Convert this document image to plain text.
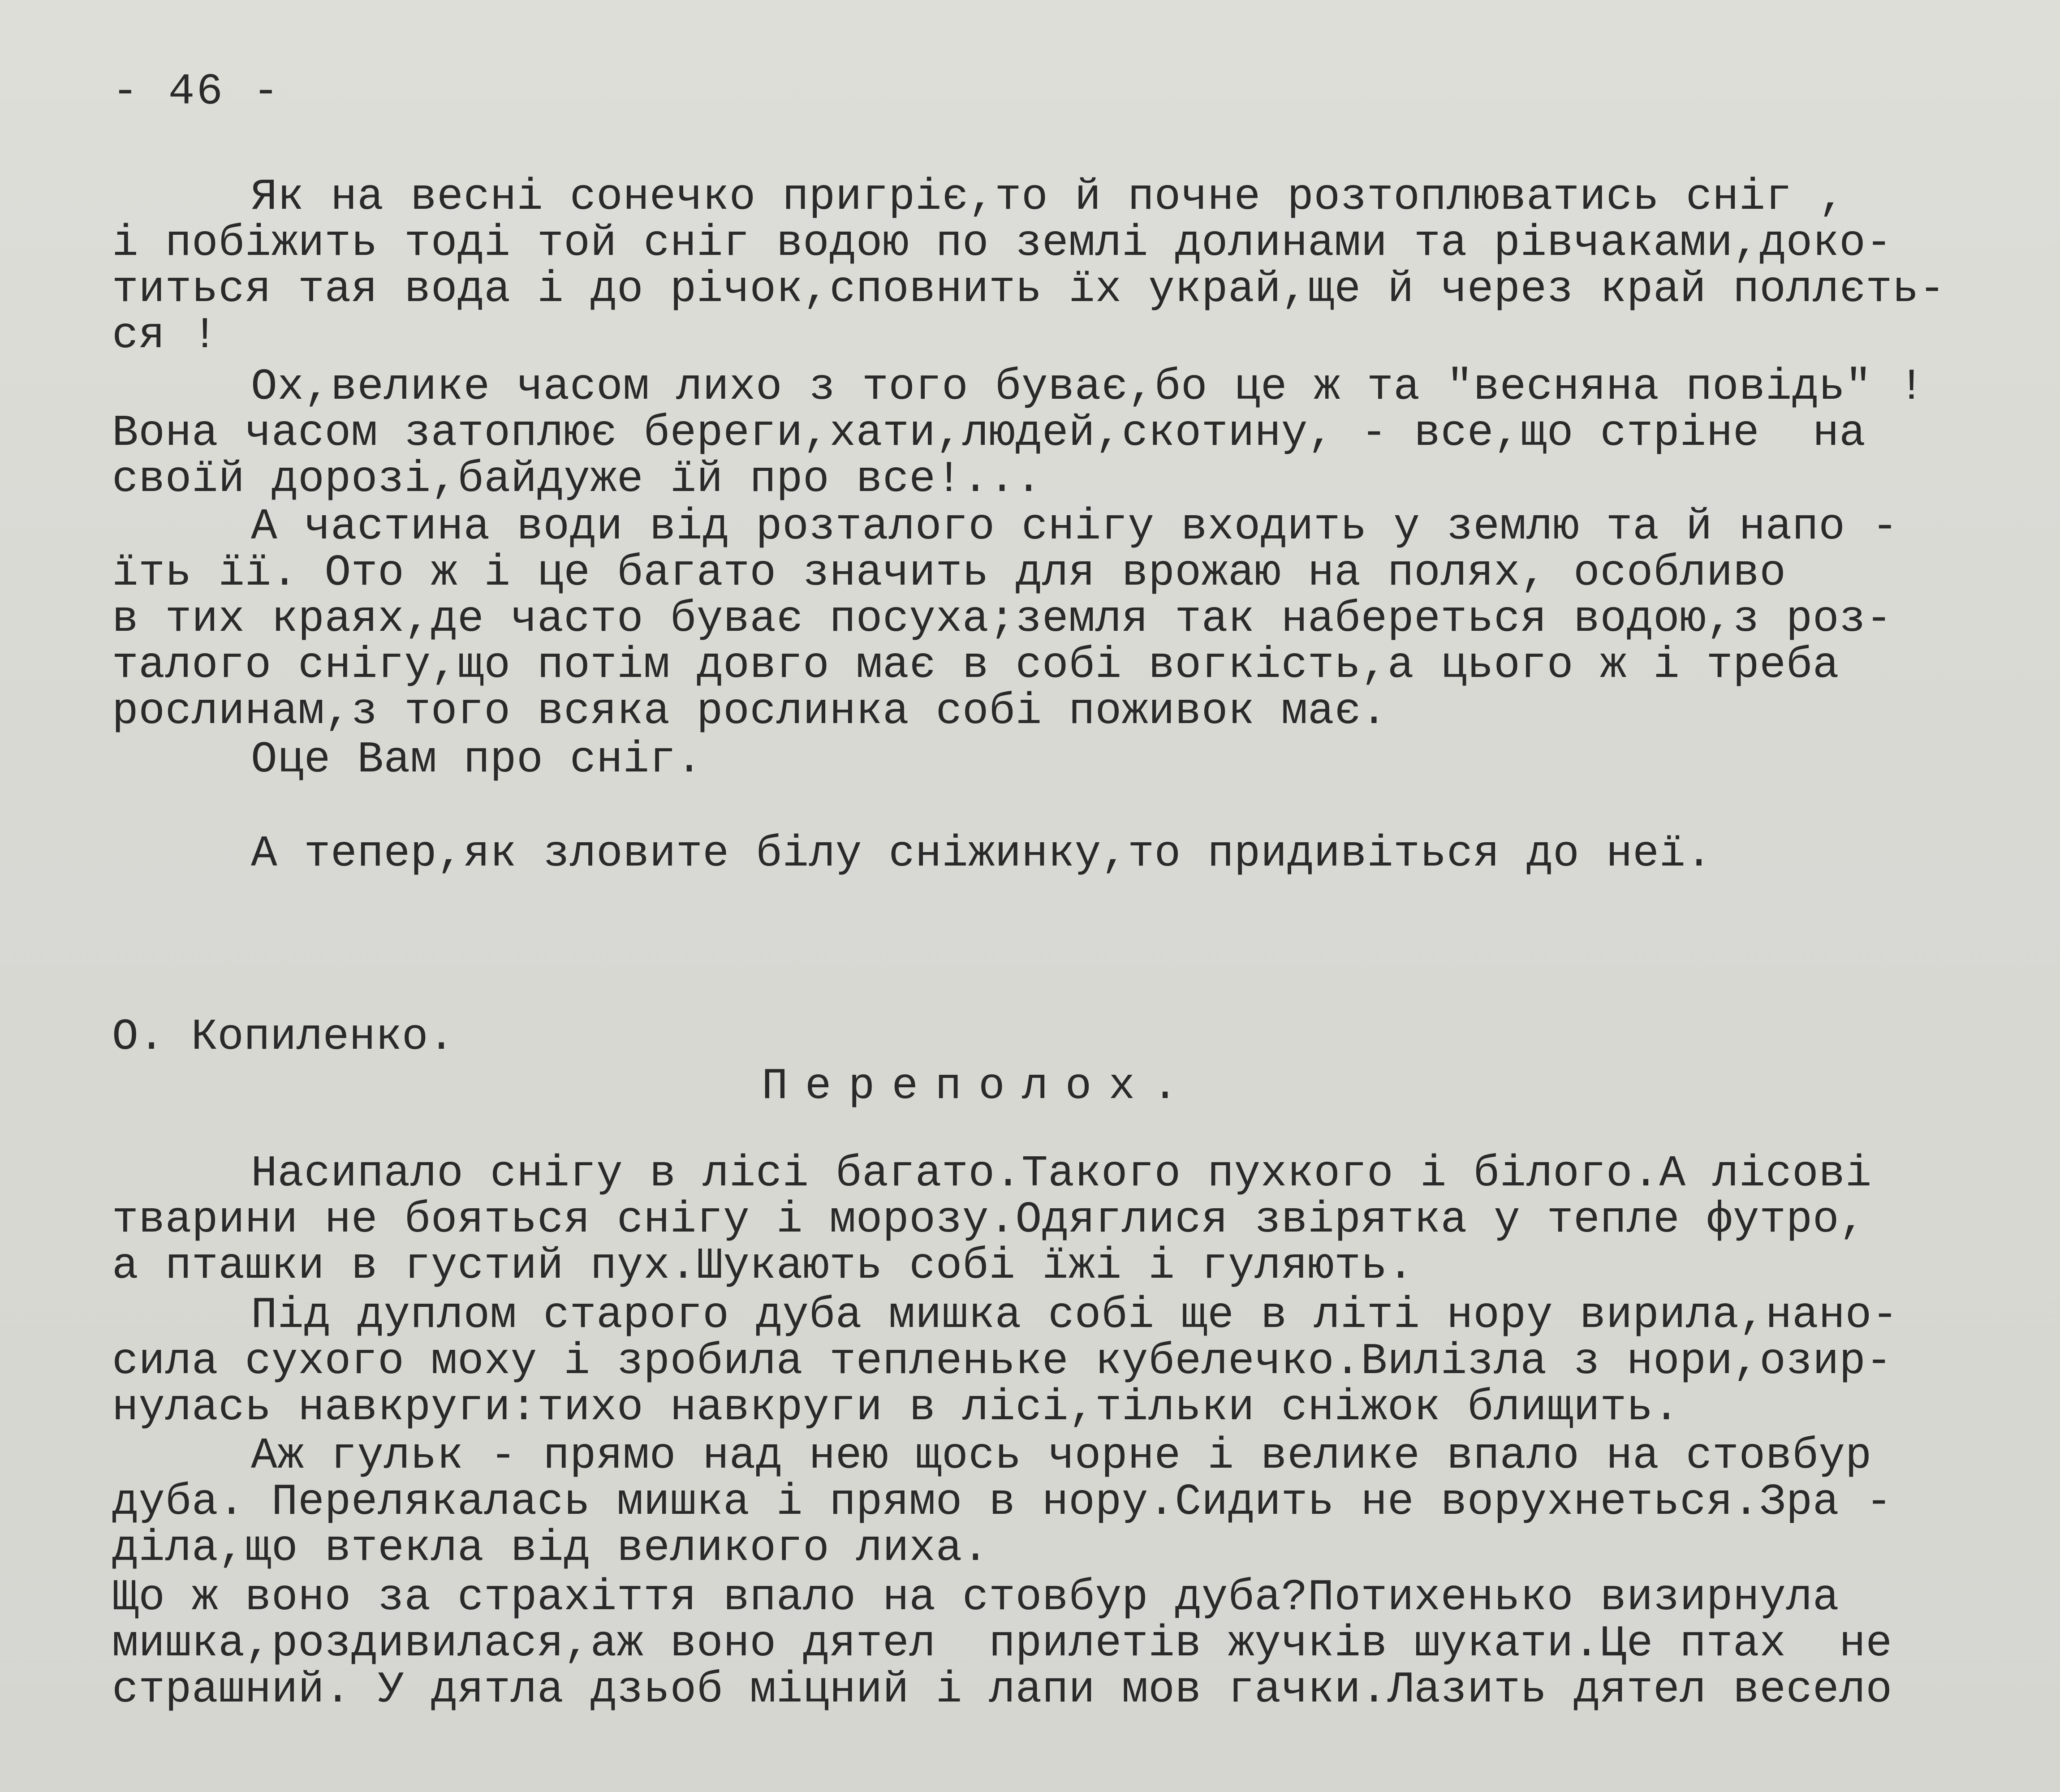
- 46 -
Як на весні сонечко пригріє,то й почне розтоплюватись сніг ,
і побіжить тоді той сніг водою по землі долинами та рівчаками,доко-
титься тая вода і до річок,сповнить їх украй,ще й через край поллєть-
ся !
Ох,велике часом лихо з того буває,бо це ж та "весняна повідь" !
Вона часом затоплює береги,хати,людей,скотину, - все,що стріне  на
своїй дорозі,байдуже їй про все!...
А частина води від розталого снігу входить у землю та й напо -
їть її. Ото ж і це багато значить для врожаю на полях, особливо
в тих краях,де часто буває посуха;земля так набереться водою,з роз-
талого снігу,що потім довго має в собі вогкість,а цього ж і треба
рослинам,з того всяка рослинка собі поживок має.
Оце Вам про сніг.
А тепер,як зловите білу сніжинку,то придивіться до неї.
О. Копиленко.
Переполох.
Насипало снігу в лісі багато.Такого пухкого і білого.А лісові
тварини не бояться снігу і морозу.Одяглися звірятка у тепле футро,
а пташки в густий пух.Шукають собі їжі і гуляють.
Під дуплом старого дуба мишка собі ще в літі нору вирила,нано-
сила сухого моху і зробила тепленьке кубелечко.Вилізла з нори,озир-
нулась навкруги:тихо навкруги в лісі,тільки сніжок блищить.
Аж гульк - прямо над нею щось чорне і велике впало на стовбур
дуба. Перелякалась мишка і прямо в нору.Сидить не ворухнеться.Зра -
діла,що втекла від великого лиха.
Що ж воно за страхіття впало на стовбур дуба?Потихенько визирнула
мишка,роздивилася,аж воно дятел  прилетів жучків шукати.Це птах  не
страшний. У дятла дзьоб міцний і лапи мов гачки.Лазить дятел весело
